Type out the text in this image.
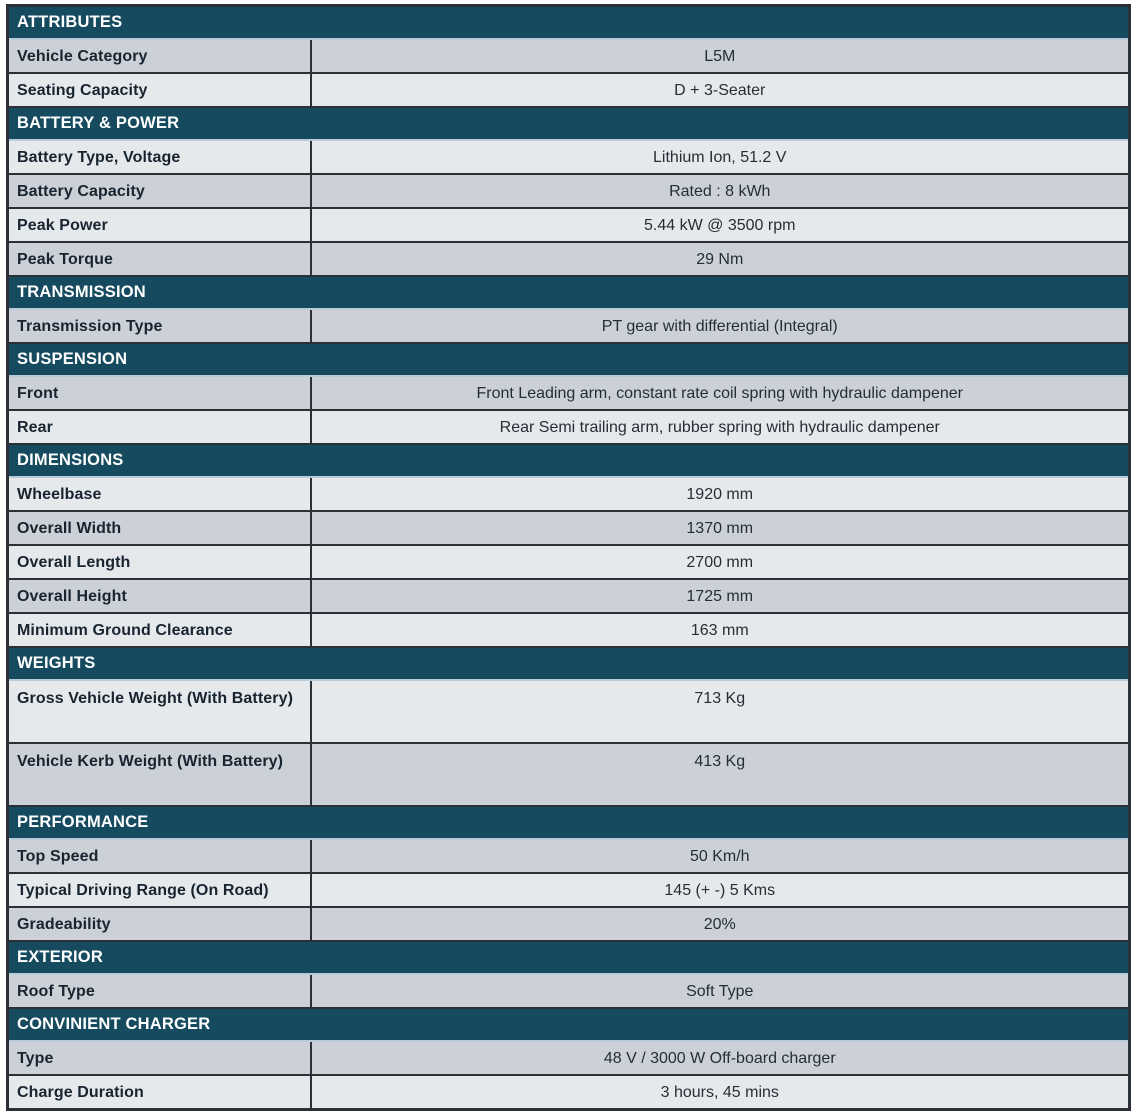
ATTRIBUTES	
Vehicle Category	L5M
Seating Capacity	D + 3-Seater
BATTERY & POWER	
Battery Type, Voltage	Lithium Ion, 51.2 V
Battery Capacity	Rated : 8 kWh
Peak Power	5.44 kW @ 3500 rpm
Peak Torque	29 Nm
TRANSMISSION	
Transmission Type	PT gear with differential (Integral)
SUSPENSION	
Front	Front Leading arm, constant rate coil spring with hydraulic dampener
Rear	Rear Semi trailing arm, rubber spring with hydraulic dampener
DIMENSIONS	
Wheelbase	1920 mm
Overall Width	1370 mm
Overall Length	2700 mm
Overall Height	1725 mm
Minimum Ground Clearance	163 mm
WEIGHTS	
Gross Vehicle Weight (With Battery)	713 Kg
Vehicle Kerb Weight (With Battery)	413 Kg
PERFORMANCE	
Top Speed	50 Km/h
Typical Driving Range (On Road)	145 (+ -) 5 Kms
Gradeability	20%
EXTERIOR	
Roof Type	Soft Type
CONVINIENT CHARGER	
Type	48 V / 3000 W Off-board charger
Charge Duration	3 hours, 45 mins
